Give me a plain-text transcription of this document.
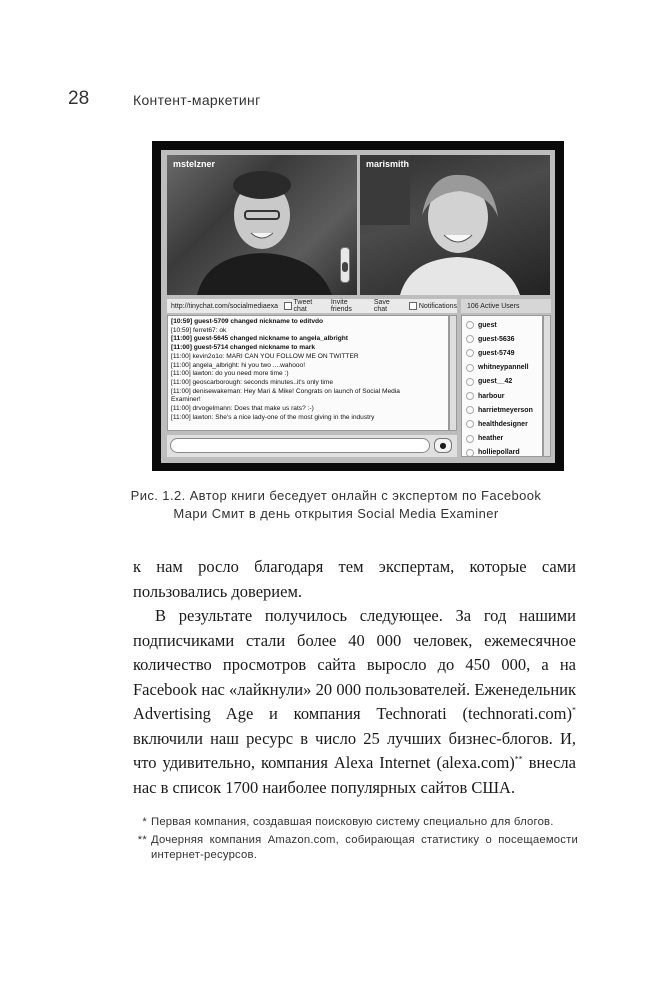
28	Контент-маркетинг
mstelzner	marismith
http://tinychat.com/socialmediaexa Tweet chat
Invite friends
Save chat	Notifications
[10:59] guest-5709 changed nickname to editvdo
[10:59] ferret67: ok
[11:00] guest-5645 changed nickname to angela_albright
[11:00] guest-5714 changed nickname to mark
[11:00] kevin2o1o: MARI CAN YOU FOLLOW ME ON TWITTER
[11:00] angela_albright: hi you two ....wahooo!
[11:00] lawton: do you need more time :)
[11:00] geoscarborough: seconds minutes..it's only time
[11:00] denisewakeman: Hey Mari & Mike! Congrats on launch of Social Media
Examiner!
[11:00] drvogelmann: Does that make us rats? :-)
[11:00] lawton: She's a nice lady-one of the most giving in the industry
●
106 Active Users
guest
guest-5636
guest-5749
whitneypannell
guest__42
harbour
harrietmeyerson
healthdesigner
heather
holliepollard
Рис. 1.2. Автор книги беседует онлайн с экспертом по Facebook
Мари Смит в день открытия Social Media Examiner

к нам росло благодаря тем экспертам, которые сами пользовались доверием.

В результате получилось следующее. За год нашими подписчиками стали более 40 000 человек, ежемесячное количество просмотров сайта выросло до 450 000, а на Facebook нас «лайкнули» 20 000 пользователей. Еженедельник Advertising Age и компания Technorati (technorati.com)* включили наш ресурс в число 25 лучших бизнес-блогов. И, что удивительно, компания Alexa Internet (alexa.com)** внесла нас в список 1700 наиболее популярных сайтов США.

* Первая компания, создавшая поисковую систему специально для блогов.
** Дочерняя компания Amazon.com, собирающая статистику о посещаемости интернет-ресурсов.
